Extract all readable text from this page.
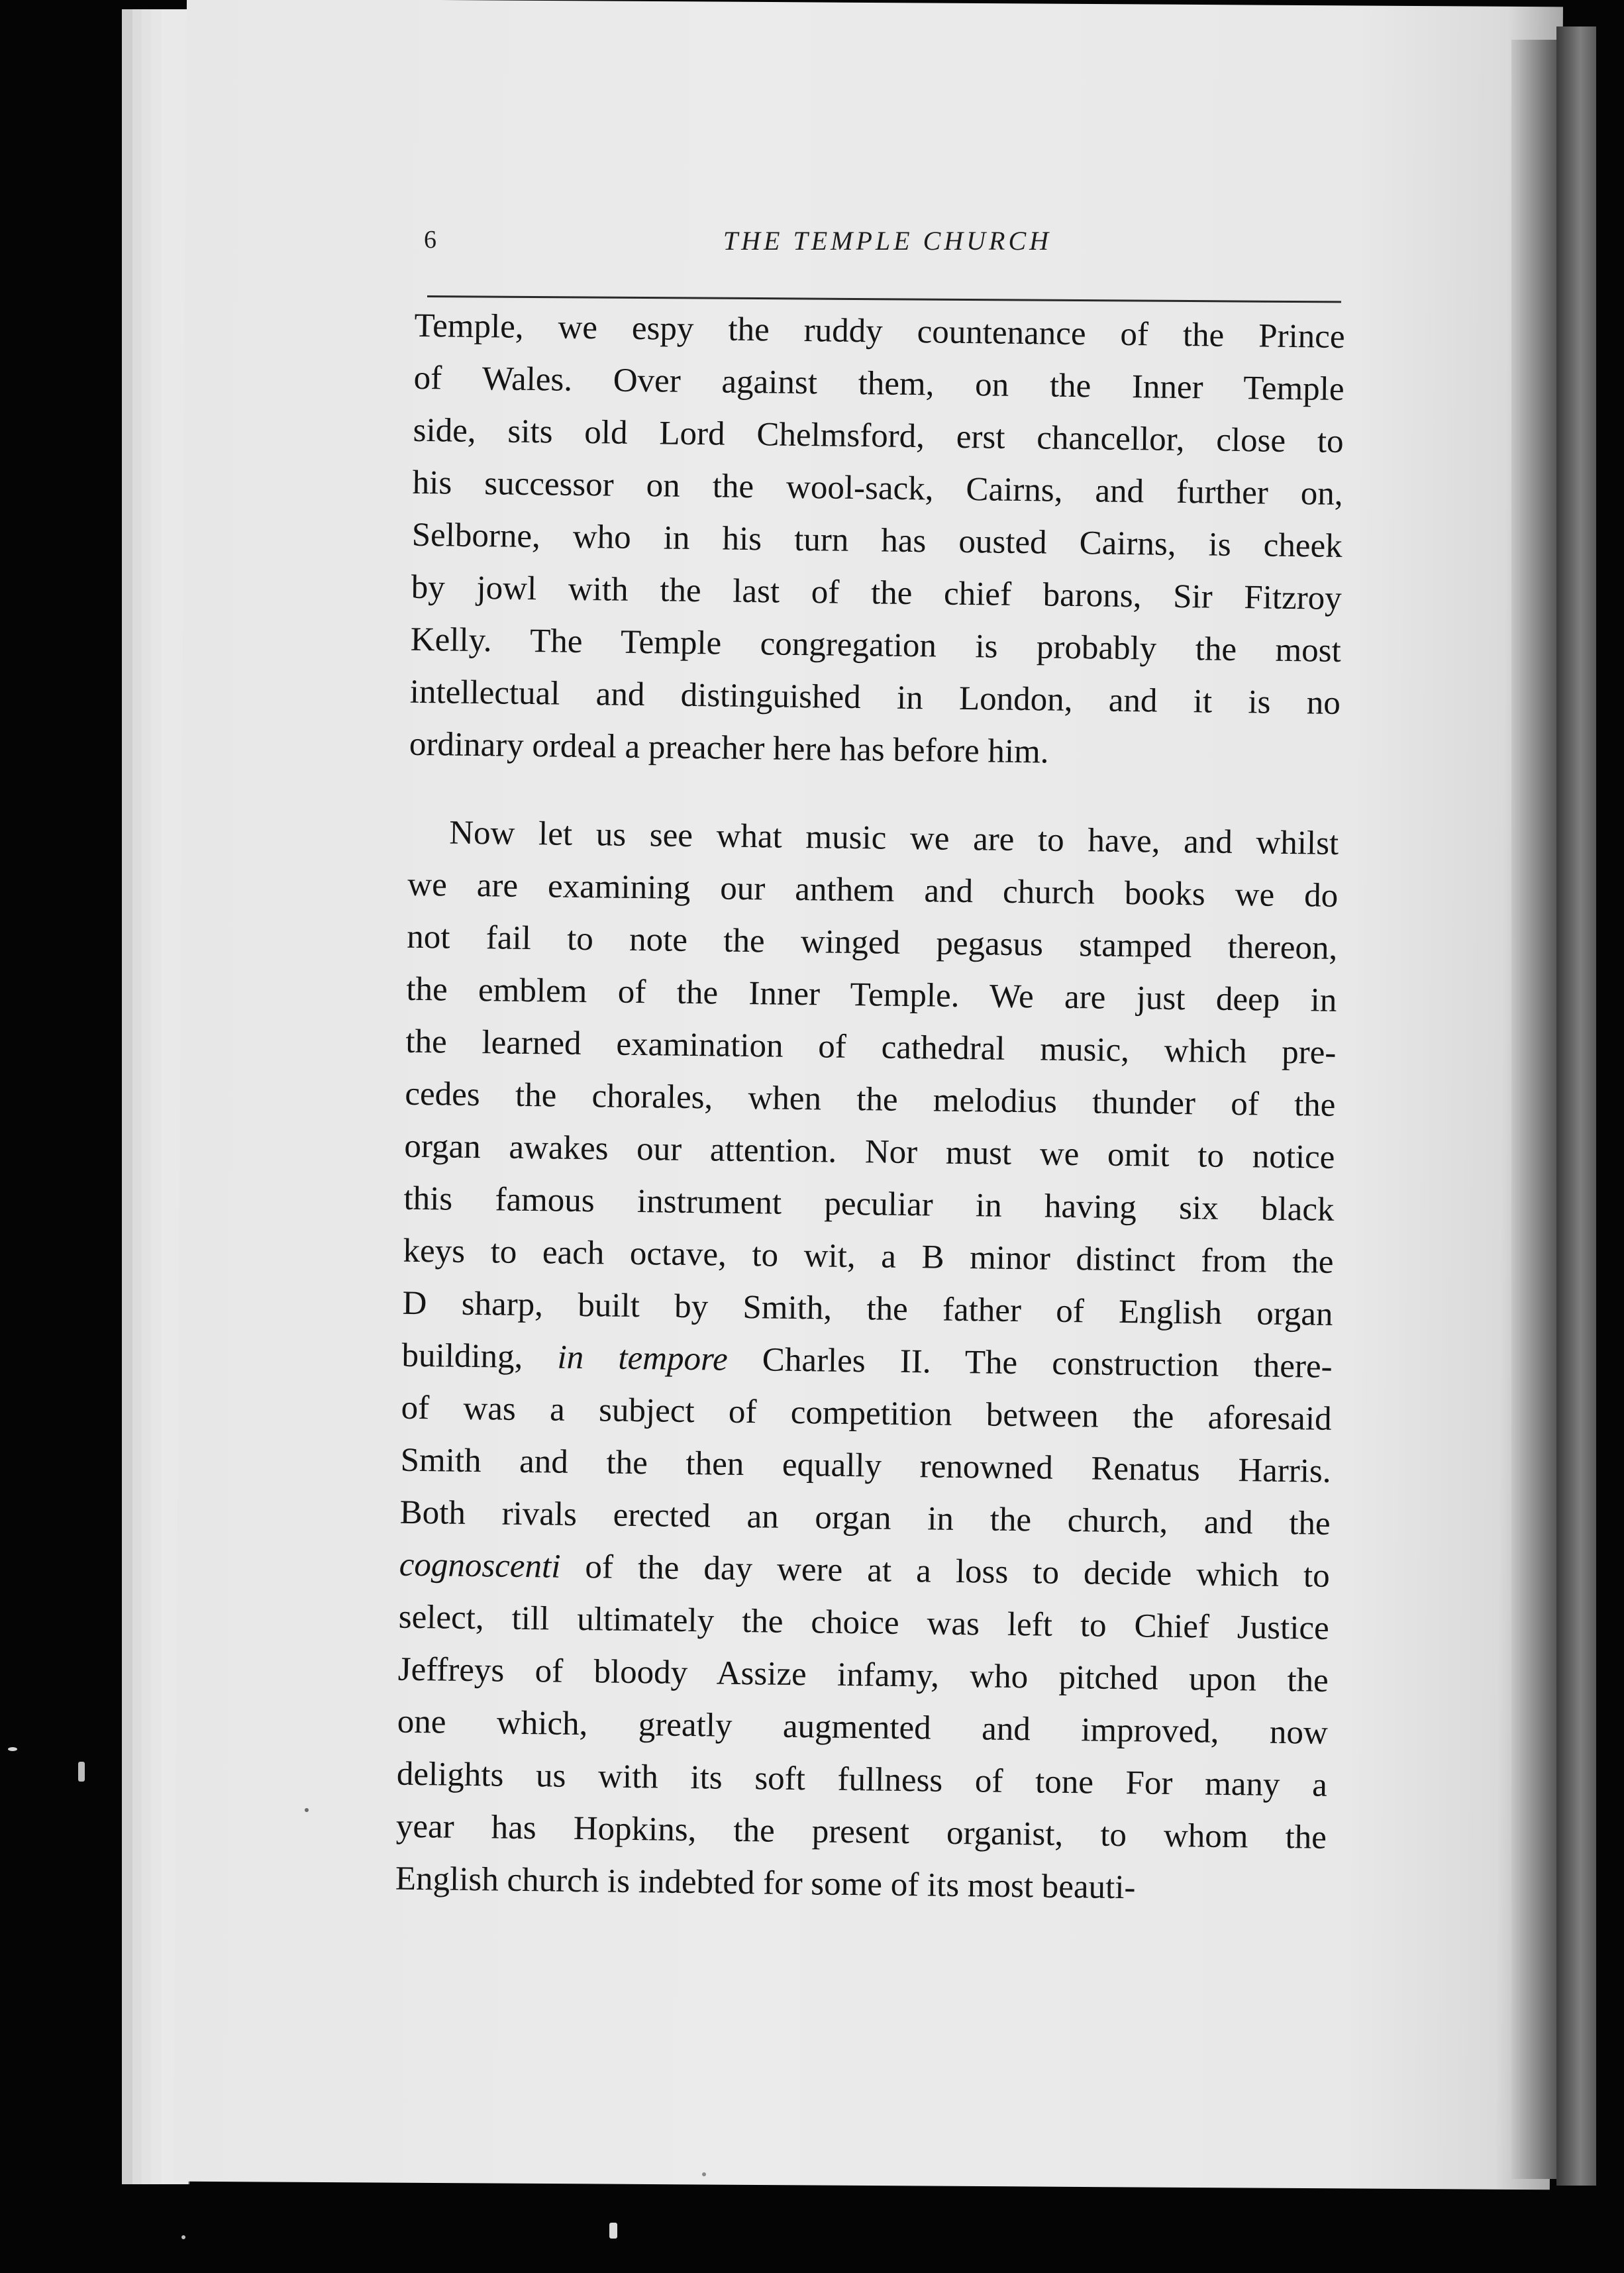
6	THE TEMPLE CHURCH

Temple, we espy the ruddy countenance of the Prince
of Wales. Over against them, on the Inner Temple
side, sits old Lord Chelmsford, erst chancellor, close to
his successor on the wool-sack, Cairns, and further on,
Selborne, who in his turn has ousted Cairns, is cheek
by jowl with the last of the chief barons, Sir Fitzroy
Kelly. The Temple congregation is probably the most
intellectual and distinguished in London, and it is no
ordinary ordeal a preacher here has before him.

Now let us see what music we are to have, and whilst
we are examining our anthem and church books we do
not fail to note the winged pegasus stamped thereon,
the emblem of the Inner Temple. We are just deep in
the learned examination of cathedral music, which pre-
cedes the chorales, when the melodius thunder of the
organ awakes our attention. Nor must we omit to notice
this famous instrument peculiar in having six black
keys to each octave, to wit, a B minor distinct from the
D sharp, built by Smith, the father of English organ
building, in tempore Charles II. The construction there-
of was a subject of competition between the aforesaid
Smith and the then equally renowned Renatus Harris.
Both rivals erected an organ in the church, and the
cognoscenti of the day were at a loss to decide which to
select, till ultimately the choice was left to Chief Justice
Jeffreys of bloody Assize infamy, who pitched upon the
one which, greatly augmented and improved, now
delights us with its soft fullness of tone For many a
year has Hopkins, the present organist, to whom the
English church is indebted for some of its most beauti-
